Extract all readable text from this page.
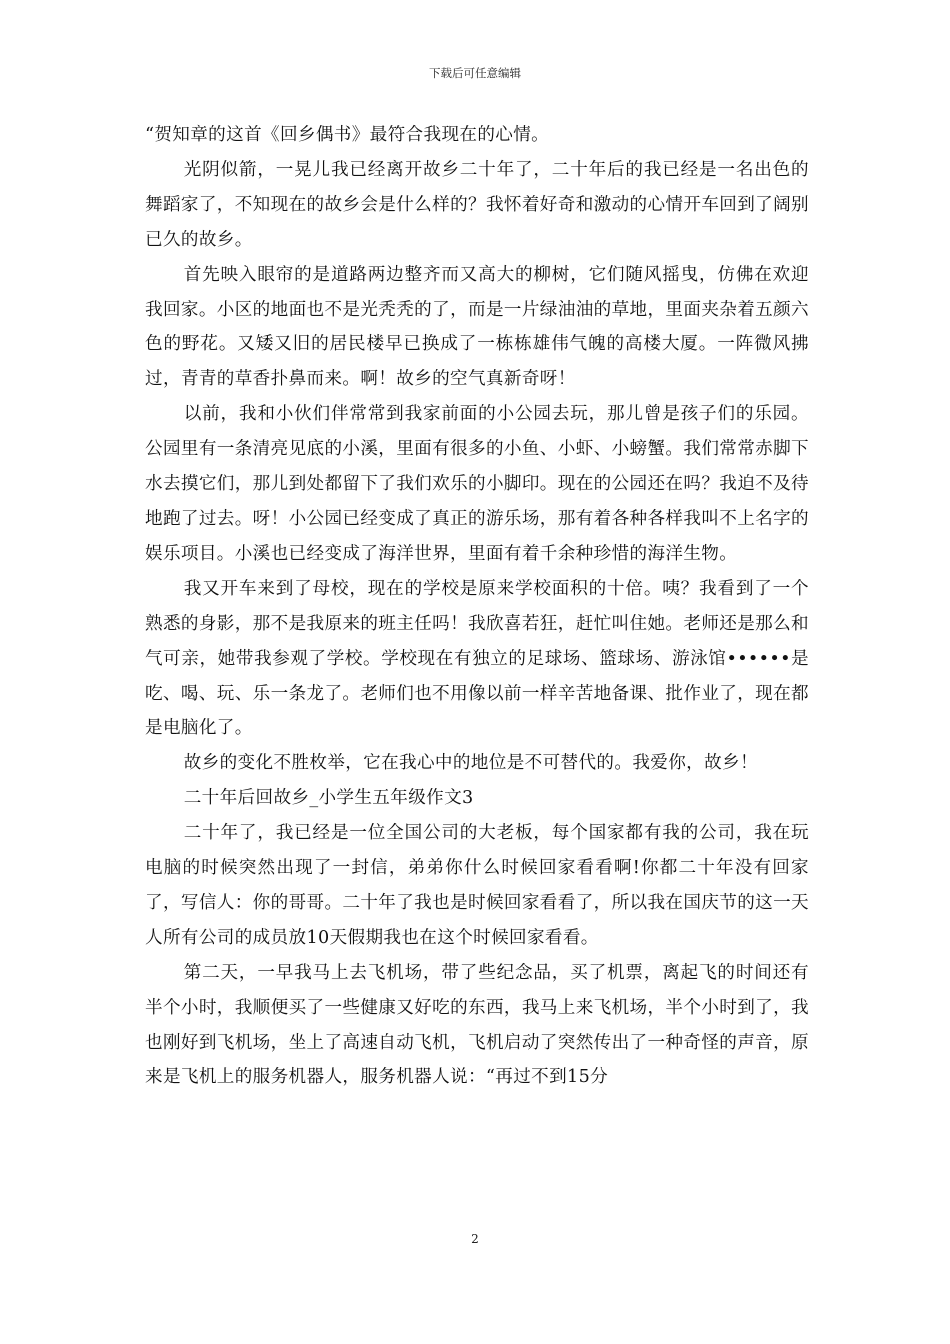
下载后可任意编辑

“贺知章的这首《回乡偶书》最符合我现在的心情。

光阴似箭，一晃儿我已经离开故乡二十年了，二十年后的我已经是一名出色的舞蹈家了，不知现在的故乡会是什么样的？我怀着好奇和激动的心情开车回到了阔别已久的故乡。

首先映入眼帘的是道路两边整齐而又高大的柳树，它们随风摇曳，仿佛在欢迎我回家。小区的地面也不是光秃秃的了，而是一片绿油油的草地，里面夹杂着五颜六色的野花。又矮又旧的居民楼早已换成了一栋栋雄伟气魄的高楼大厦。一阵微风拂过，青青的草香扑鼻而来。啊！故乡的空气真新奇呀！

以前，我和小伙们伴常常到我家前面的小公园去玩，那儿曾是孩子们的乐园。公园里有一条清亮见底的小溪，里面有很多的小鱼、小虾、小螃蟹。我们常常赤脚下水去摸它们，那儿到处都留下了我们欢乐的小脚印。现在的公园还在吗？我迫不及待地跑了过去。呀！小公园已经变成了真正的游乐场，那有着各种各样我叫不上名字的娱乐项目。小溪也已经变成了海洋世界，里面有着千余种珍惜的海洋生物。

我又开车来到了母校，现在的学校是原来学校面积的十倍。咦？我看到了一个熟悉的身影，那不是我原来的班主任吗！我欣喜若狂，赶忙叫住她。老师还是那么和气可亲，她带我参观了学校。学校现在有独立的足球场、篮球场、游泳馆••••••是吃、喝、玩、乐一条龙了。老师们也不用像以前一样辛苦地备课、批作业了，现在都是电脑化了。

故乡的变化不胜枚举，它在我心中的地位是不可替代的。我爱你，故乡！

二十年后回故乡_小学生五年级作文3

二十年了，我已经是一位全国公司的大老板，每个国家都有我的公司，我在玩电脑的时候突然出现了一封信，弟弟你什么时候回家看看啊!你都二十年没有回家了，写信人：你的哥哥。二十年了我也是时候回家看看了，所以我在国庆节的这一天人所有公司的成员放10天假期我也在这个时候回家看看。

第二天，一早我马上去飞机场，带了些纪念品，买了机票，离起飞的时间还有半个小时，我顺便买了一些健康又好吃的东西，我马上来飞机场，半个小时到了，我也刚好到飞机场，坐上了高速自动飞机，飞机启动了突然传出了一种奇怪的声音，原来是飞机上的服务机器人，服务机器人说：“再过不到15分

2
